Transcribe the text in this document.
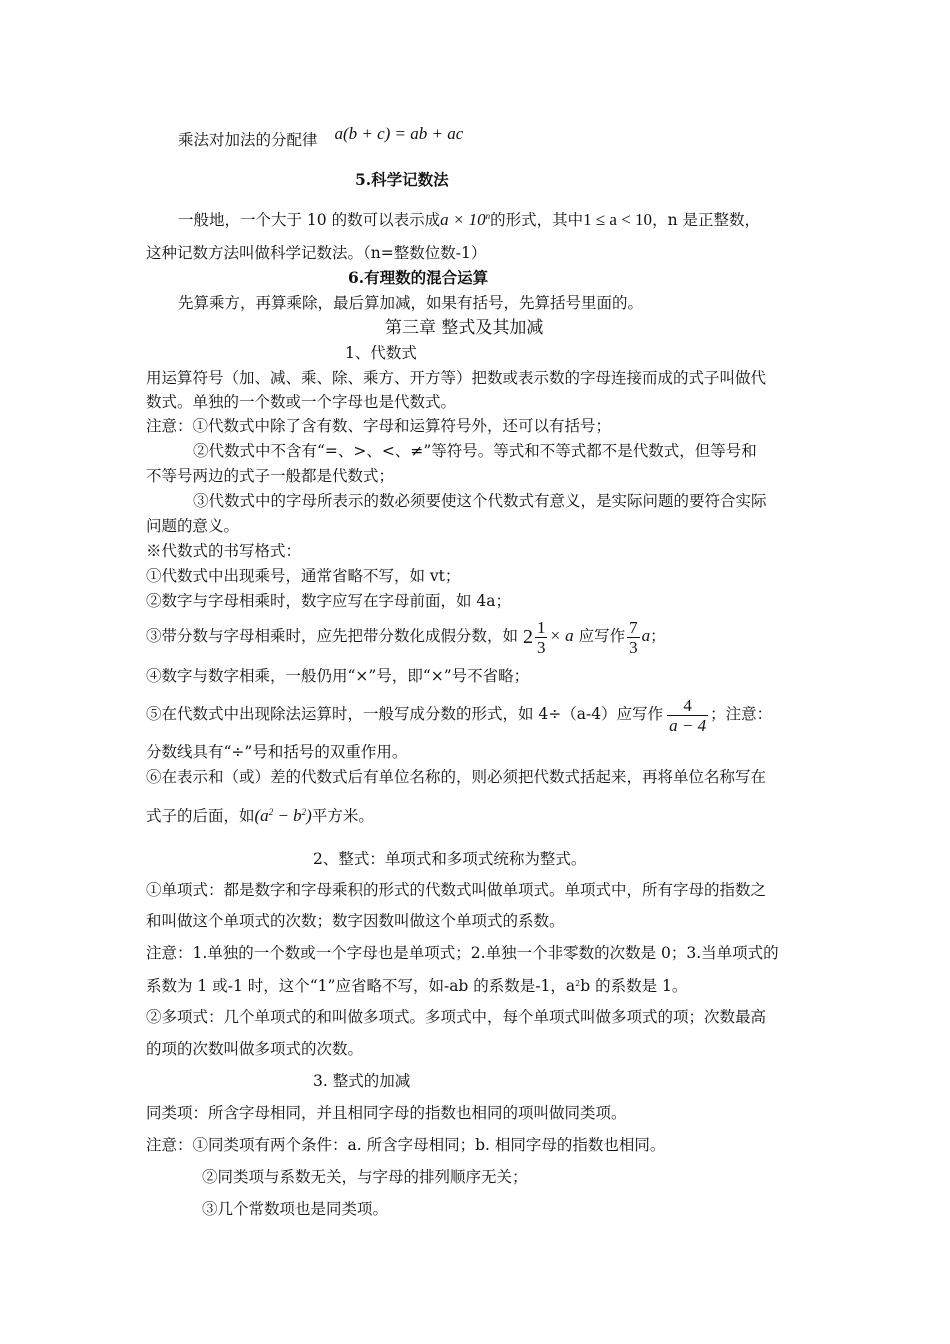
乘法对加法的分配律 a(b + c) = ab + ac
5.科学记数法
一般地，一个大于 10 的数可以表示成$a \times 10^n$的形式，其中1 ≤ a < 10，n 是正整数，
这种记数方法叫做科学记数法。（n=整数位数-1）
6.有理数的混合运算
先算乘方，再算乘除，最后算加减，如果有括号，先算括号里面的。
第三章 整式及其加减
1、代数式
用运算符号（加、减、乘、除、乘方、开方等）把数或表示数的字母连接而成的式子叫做代
数式。单独的一个数或一个字母也是代数式。
注意：①代数式中除了含有数、字母和运算符号外，还可以有括号；
②代数式中不含有“=、>、<、≠”等符号。等式和不等式都不是代数式，但等号和
不等号两边的式子一般都是代数式；
③代数式中的字母所表示的数必须要使这个代数式有意义，是实际问题的要符合实际
问题的意义。
※代数式的书写格式：
①代数式中出现乘号，通常省略不写，如 vt；
②数字与字母相乘时，数字应写在字母前面，如 4a；
③带分数与字母相乘时，应先把带分数化成假分数，如 $2 \frac{1}{3} \times a$ 应写作 $\frac{7}{3}$ a；
④数字与数字相乘，一般仍用“×”号，即“×”号不省略；
⑤在代数式中出现除法运算时，一般写成分数的形式，如 4÷（a-4）应写作 $\frac{4}{a - 4}$ ；注意：
分数线具有“÷”号和括号的双重作用。
⑥在表示和（或）差的代数式后有单位名称的，则必须把代数式括起来，再将单位名称写在
式子的后面，如$(a^2 - b^2)$平方米。
2、整式：单项式和多项式统称为整式。
①单项式：都是数字和字母乘积的形式的代数式叫做单项式。单项式中，所有字母的指数之
和叫做这个单项式的次数；数字因数叫做这个单项式的系数。
注意：1.单独的一个数或一个字母也是单项式；2.单独一个非零数的次数是 0；3.当单项式的
系数为 1 或-1 时，这个“1”应省略不写，如-ab 的系数是-1，$a^2b$ 的系数是 1。
②多项式：几个单项式的和叫做多项式。多项式中，每个单项式叫做多项式的项；次数最高
的项的次数叫做多项式的次数。
3. 整式的加减
同类项：所含字母相同，并且相同字母的指数也相同的项叫做同类项。
注意：①同类项有两个条件：a. 所含字母相同；b. 相同字母的指数也相同。
②同类项与系数无关，与字母的排列顺序无关；
③几个常数项也是同类项。
